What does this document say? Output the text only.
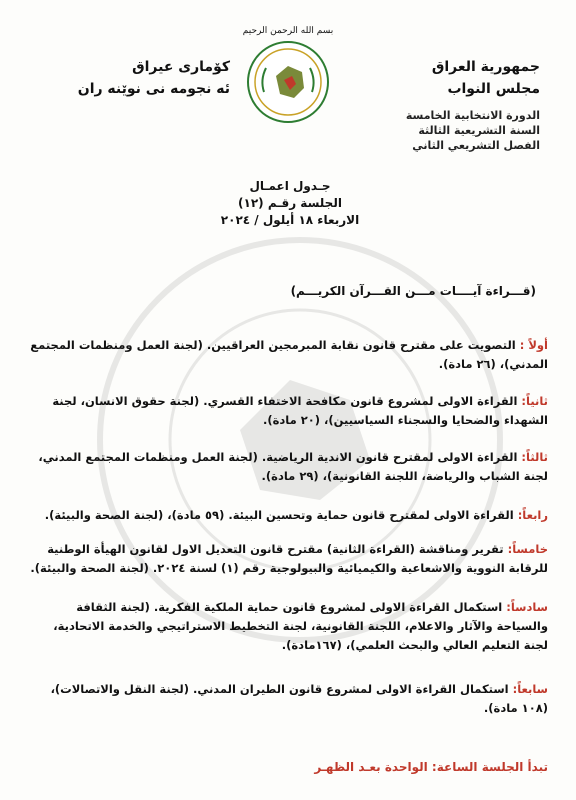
بسم الله الرحمن الرحيم
جمهورية العراق
مجلس النواب
الدورة الانتخابية الخامسة
السنة التشريعية الثالثة
الفصل التشريعي الثاني
كۆمارى عيراق
ئه نجومه نى نوێنه ران
جـدول اعمـال
الجلسة رقـم (١٢)
الاربعاء ١٨ أيلول / ٢٠٢٤
(قـــراءة آيــــات مـــن القـــرآن الكريـــم)
أولاً : التصويت على مقترح قانون نقابة المبرمجين العراقيين. (لجنة العمل ومنظمات المجتمع المدني)، (٢٦ مادة).
ثانياً: القراءة الاولى لمشروع قانون مكافحة الاختفاء القسري. (لجنة حقوق الانسان، لجنة الشهداء والضحايا والسجناء السياسيين)، (٢٠ مادة).
ثالثاً: القراءة الاولى لمقترح قانون الاندية الرياضية. (لجنة العمل ومنظمات المجتمع المدني، لجنة الشباب والرياضة، اللجنة القانونية)، (٢٩ مادة).
رابعاً: القراءة الاولى لمقترح قانون حماية وتحسين البيئة. (٥٩ مادة)، (لجنة الصحة والبيئة).
خامساً: تقرير ومناقشة (القراءة الثانية) مقترح قانون التعديل الاول لقانون الهيأة الوطنية للرقابة النووية والاشعاعية والكيميائية والبيولوجية رقم (١) لسنة ٢٠٢٤. (لجنة الصحة والبيئة).
سادساً: استكمال القراءة الاولى لمشروع قانون حماية الملكية الفكرية. (لجنة الثقافة والسياحة والآثار والاعلام، اللجنة القانونية، لجنة التخطيط الاستراتيجي والخدمة الاتحادية، لجنة التعليم العالي والبحث العلمي)، (١٦٧مادة).
سابعاً: استكمال القراءة الاولى لمشروع قانون الطيران المدني. (لجنة النقل والاتصالات)، (١٠٨ مادة).
تبدأ الجلسة الساعة: الواحدة بعـد الظهـر
